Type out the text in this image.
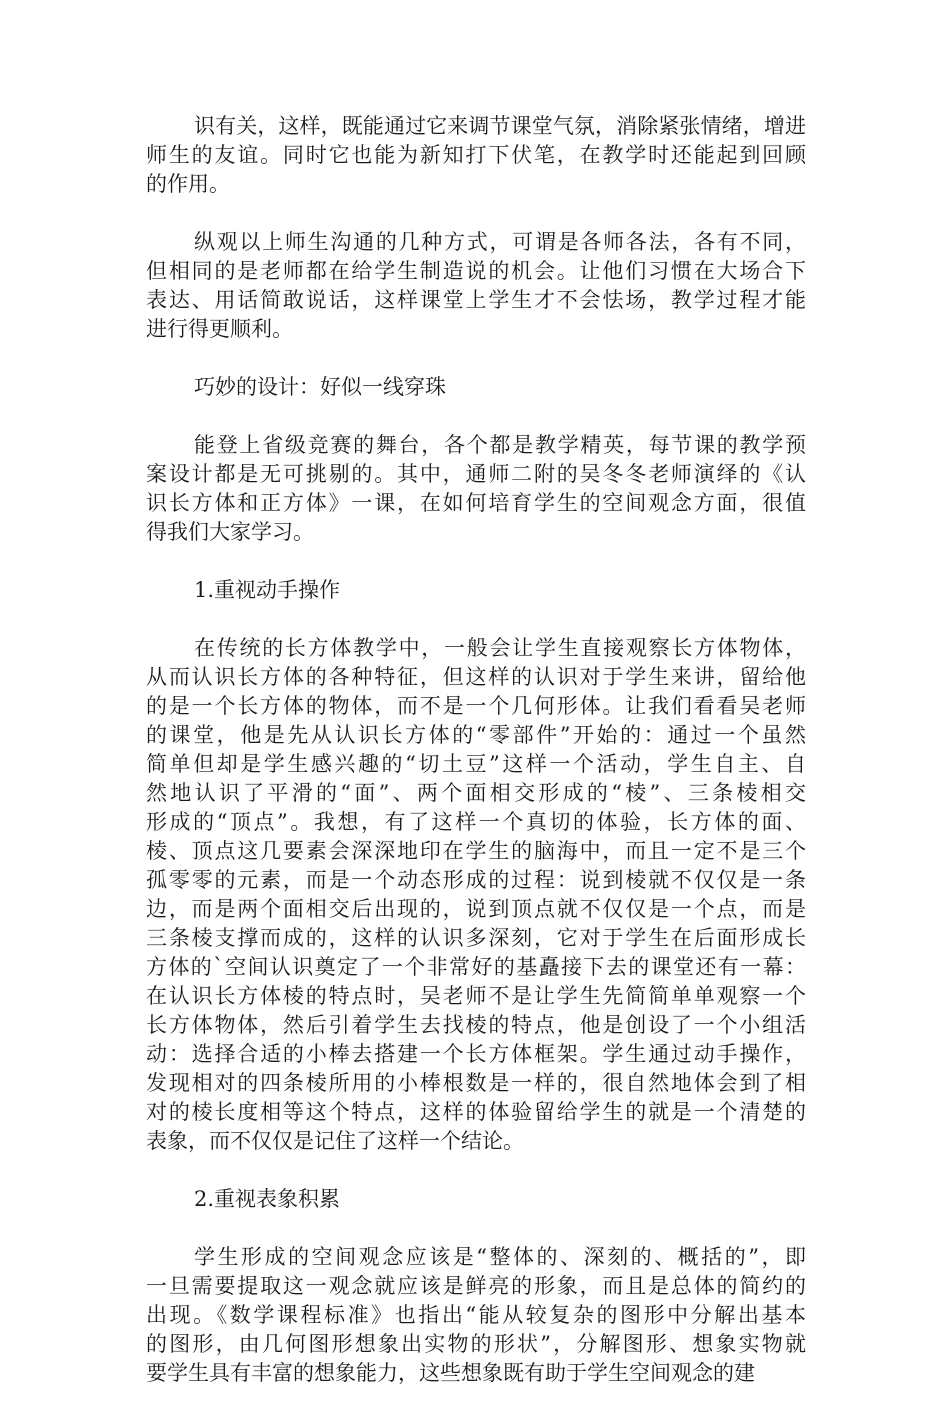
识有关，这样，既能通过它来调节课堂气氛，消除紧张情绪，增进
师生的友谊。同时它也能为新知打下伏笔，在教学时还能起到回顾
的作用。
纵观以上师生沟通的几种方式，可谓是各师各法，各有不同，
但相同的是老师都在给学生制造说的机会。让他们习惯在大场合下
表达、用话简敢说话，这样课堂上学生才不会怯场，教学过程才能
进行得更顺利。
巧妙的设计：好似一线穿珠
能登上省级竞赛的舞台，各个都是教学精英，每节课的教学预
案设计都是无可挑剔的。其中，通师二附的吴冬冬老师演绎的《认
识长方体和正方体》一课，在如何培育学生的空间观念方面，很值
得我们大家学习。
1.重视动手操作
在传统的长方体教学中，一般会让学生直接观察长方体物体，
从而认识长方体的各种特征，但这样的认识对于学生来讲，留给他
的是一个长方体的物体，而不是一个几何形体。让我们看看吴老师
的课堂，他是先从认识长方体的“零部件”开始的：通过一个虽然
简单但却是学生感兴趣的“切土豆”这样一个活动，学生自主、自
然地认识了平滑的“面”、两个面相交形成的“棱”、三条棱相交
形成的“顶点”。我想，有了这样一个真切的体验，长方体的面、
棱、顶点这几要素会深深地印在学生的脑海中，而且一定不是三个
孤零零的元素，而是一个动态形成的过程：说到棱就不仅仅是一条
边，而是两个面相交后出现的，说到顶点就不仅仅是一个点，而是
三条棱支撑而成的，这样的认识多深刻，它对于学生在后面形成长
方体的`空间认识奠定了一个非常好的基矗接下去的课堂还有一幕：
在认识长方体棱的特点时，吴老师不是让学生先简简单单观察一个
长方体物体，然后引着学生去找棱的特点，他是创设了一个小组活
动：选择合适的小棒去搭建一个长方体框架。学生通过动手操作，
发现相对的四条棱所用的小棒根数是一样的，很自然地体会到了相
对的棱长度相等这个特点，这样的体验留给学生的就是一个清楚的
表象，而不仅仅是记住了这样一个结论。
2.重视表象积累
学生形成的空间观念应该是“整体的、深刻的、概括的”，即
一旦需要提取这一观念就应该是鲜亮的形象，而且是总体的简约的
出现。《数学课程标准》也指出“能从较复杂的图形中分解出基本
的图形，由几何图形想象出实物的形状”，分解图形、想象实物就
要学生具有丰富的想象能力，这些想象既有助于学生空间观念的建
